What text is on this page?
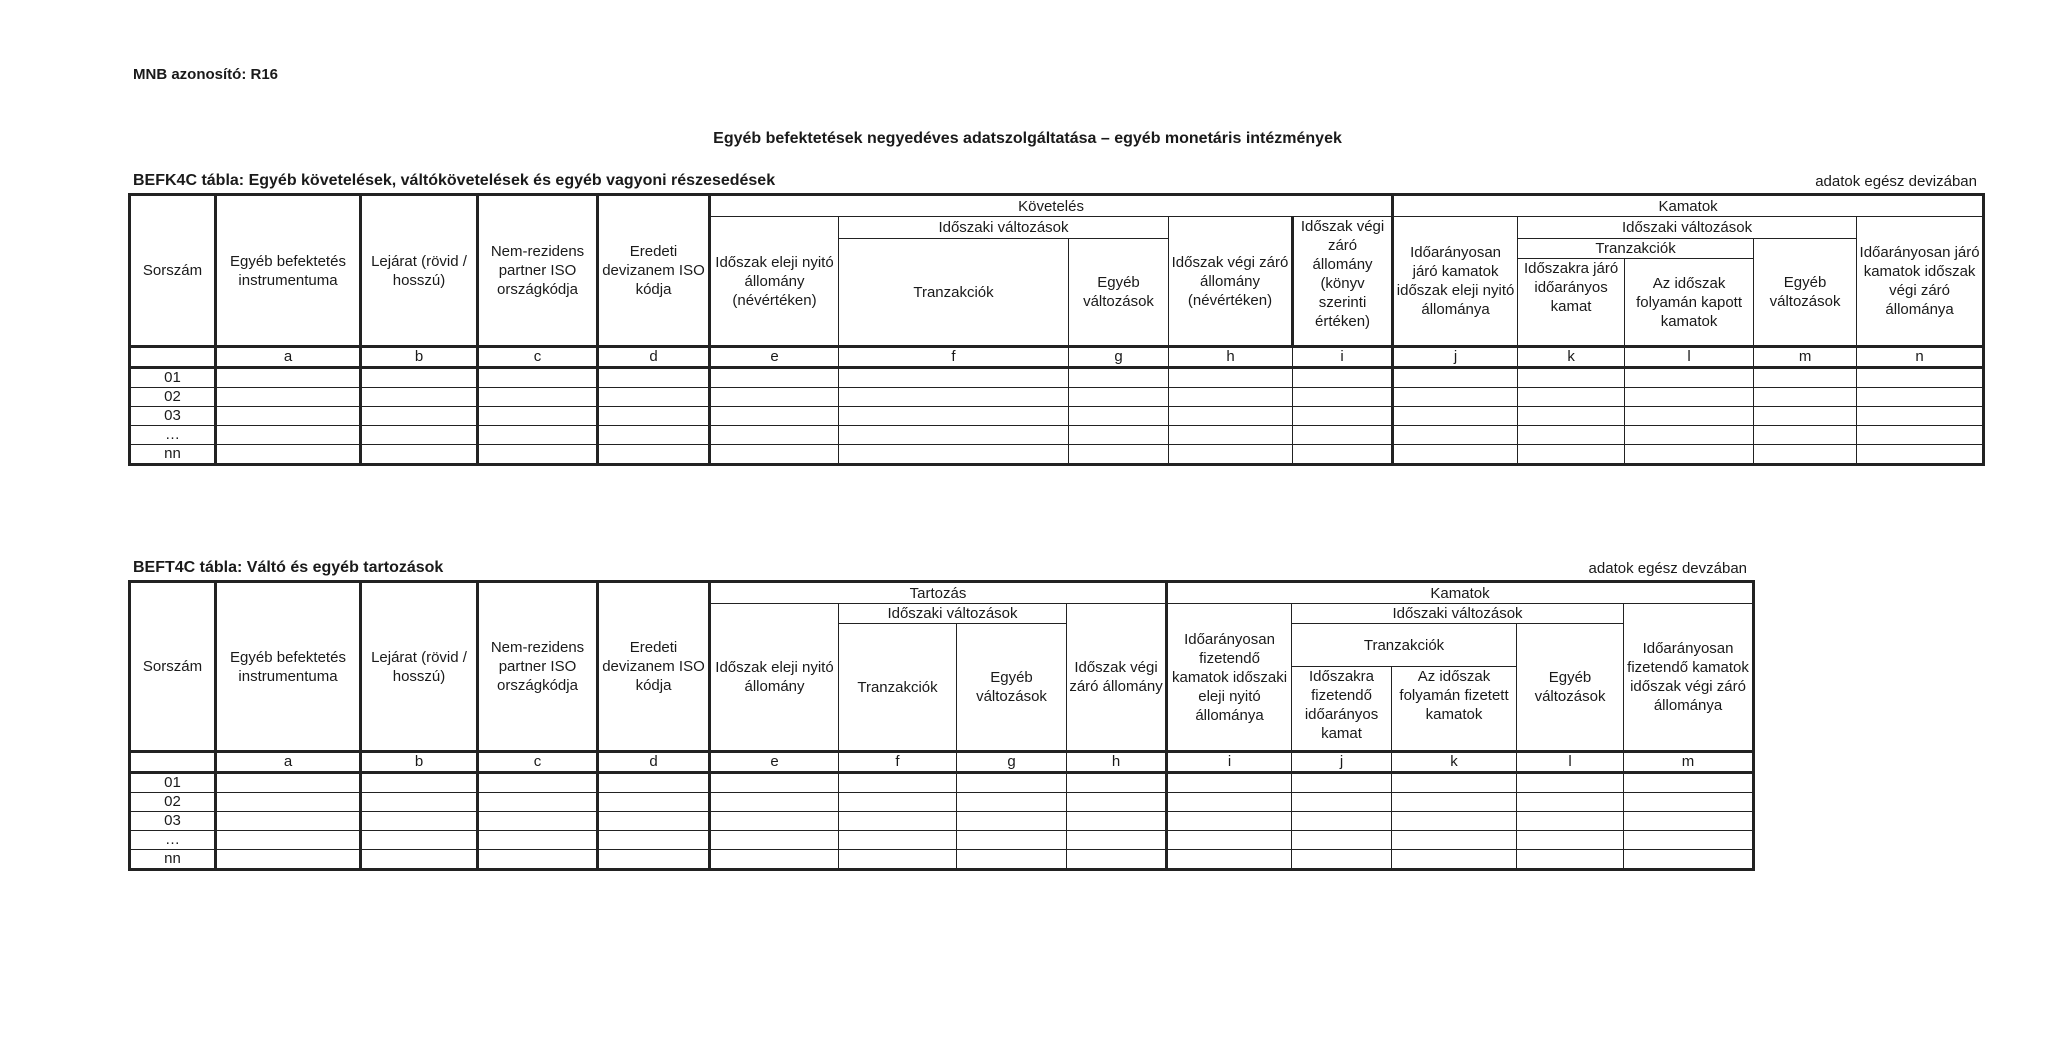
MNB azonosító: R16
Egyéb befektetések negyedéves adatszolgáltatása – egyéb monetáris intézmények
BEFK4C tábla: Egyéb követelések, váltókövetelések és egyéb vagyoni részesedések	adatok egész devizában
Sorszám	Egyéb befektetés instrumentuma	Lejárat (rövid / hosszú)	Nem-rezidens partner ISO országkódja	Eredeti devizanem ISO kódja	Követelés					Kamatok				
					Időszak eleji nyitó állomány (névértéken)	Időszaki változások		Időszak végi záró állomány (névértéken)	Időszak végi záró állomány (könyv szerinti értéken)	Időarányosan járó kamatok időszak eleji nyitó állománya	Időszaki változások			Időarányosan járó kamatok időszak végi záró állománya
						Tranzakciók	Egyéb változások				Tranzakciók		Egyéb változások	
											Időszakra járó időarányos kamat	Az időszak folyamán kapott kamatok		
	a	b	c	d	e	f	g	h	i	j	k	l	m	n
01														
02														
03														
…														
nn														
BEFT4C tábla: Váltó és egyéb tartozások	adatok egész devzában
Sorszám	Egyéb befektetés instrumentuma	Lejárat (rövid / hosszú)	Nem-rezidens partner ISO országkódja	Eredeti devizanem ISO kódja	Tartozás				Kamatok				
					Időszak eleji nyitó állomány	Időszaki változások		Időszak végi záró állomány	Időarányosan fizetendő kamatok időszaki eleji nyitó állománya	Időszaki változások			Időarányosan fizetendő kamatok időszak végi záró állománya
						Tranzakciók	Egyéb változások			Tranzakciók		Egyéb változások	
										Időszakra fizetendő időarányos kamat	Az időszak folyamán fizetett kamatok		
	a	b	c	d	e	f	g	h	i	j	k	l	m
01													
02													
03													
…													
nn													
